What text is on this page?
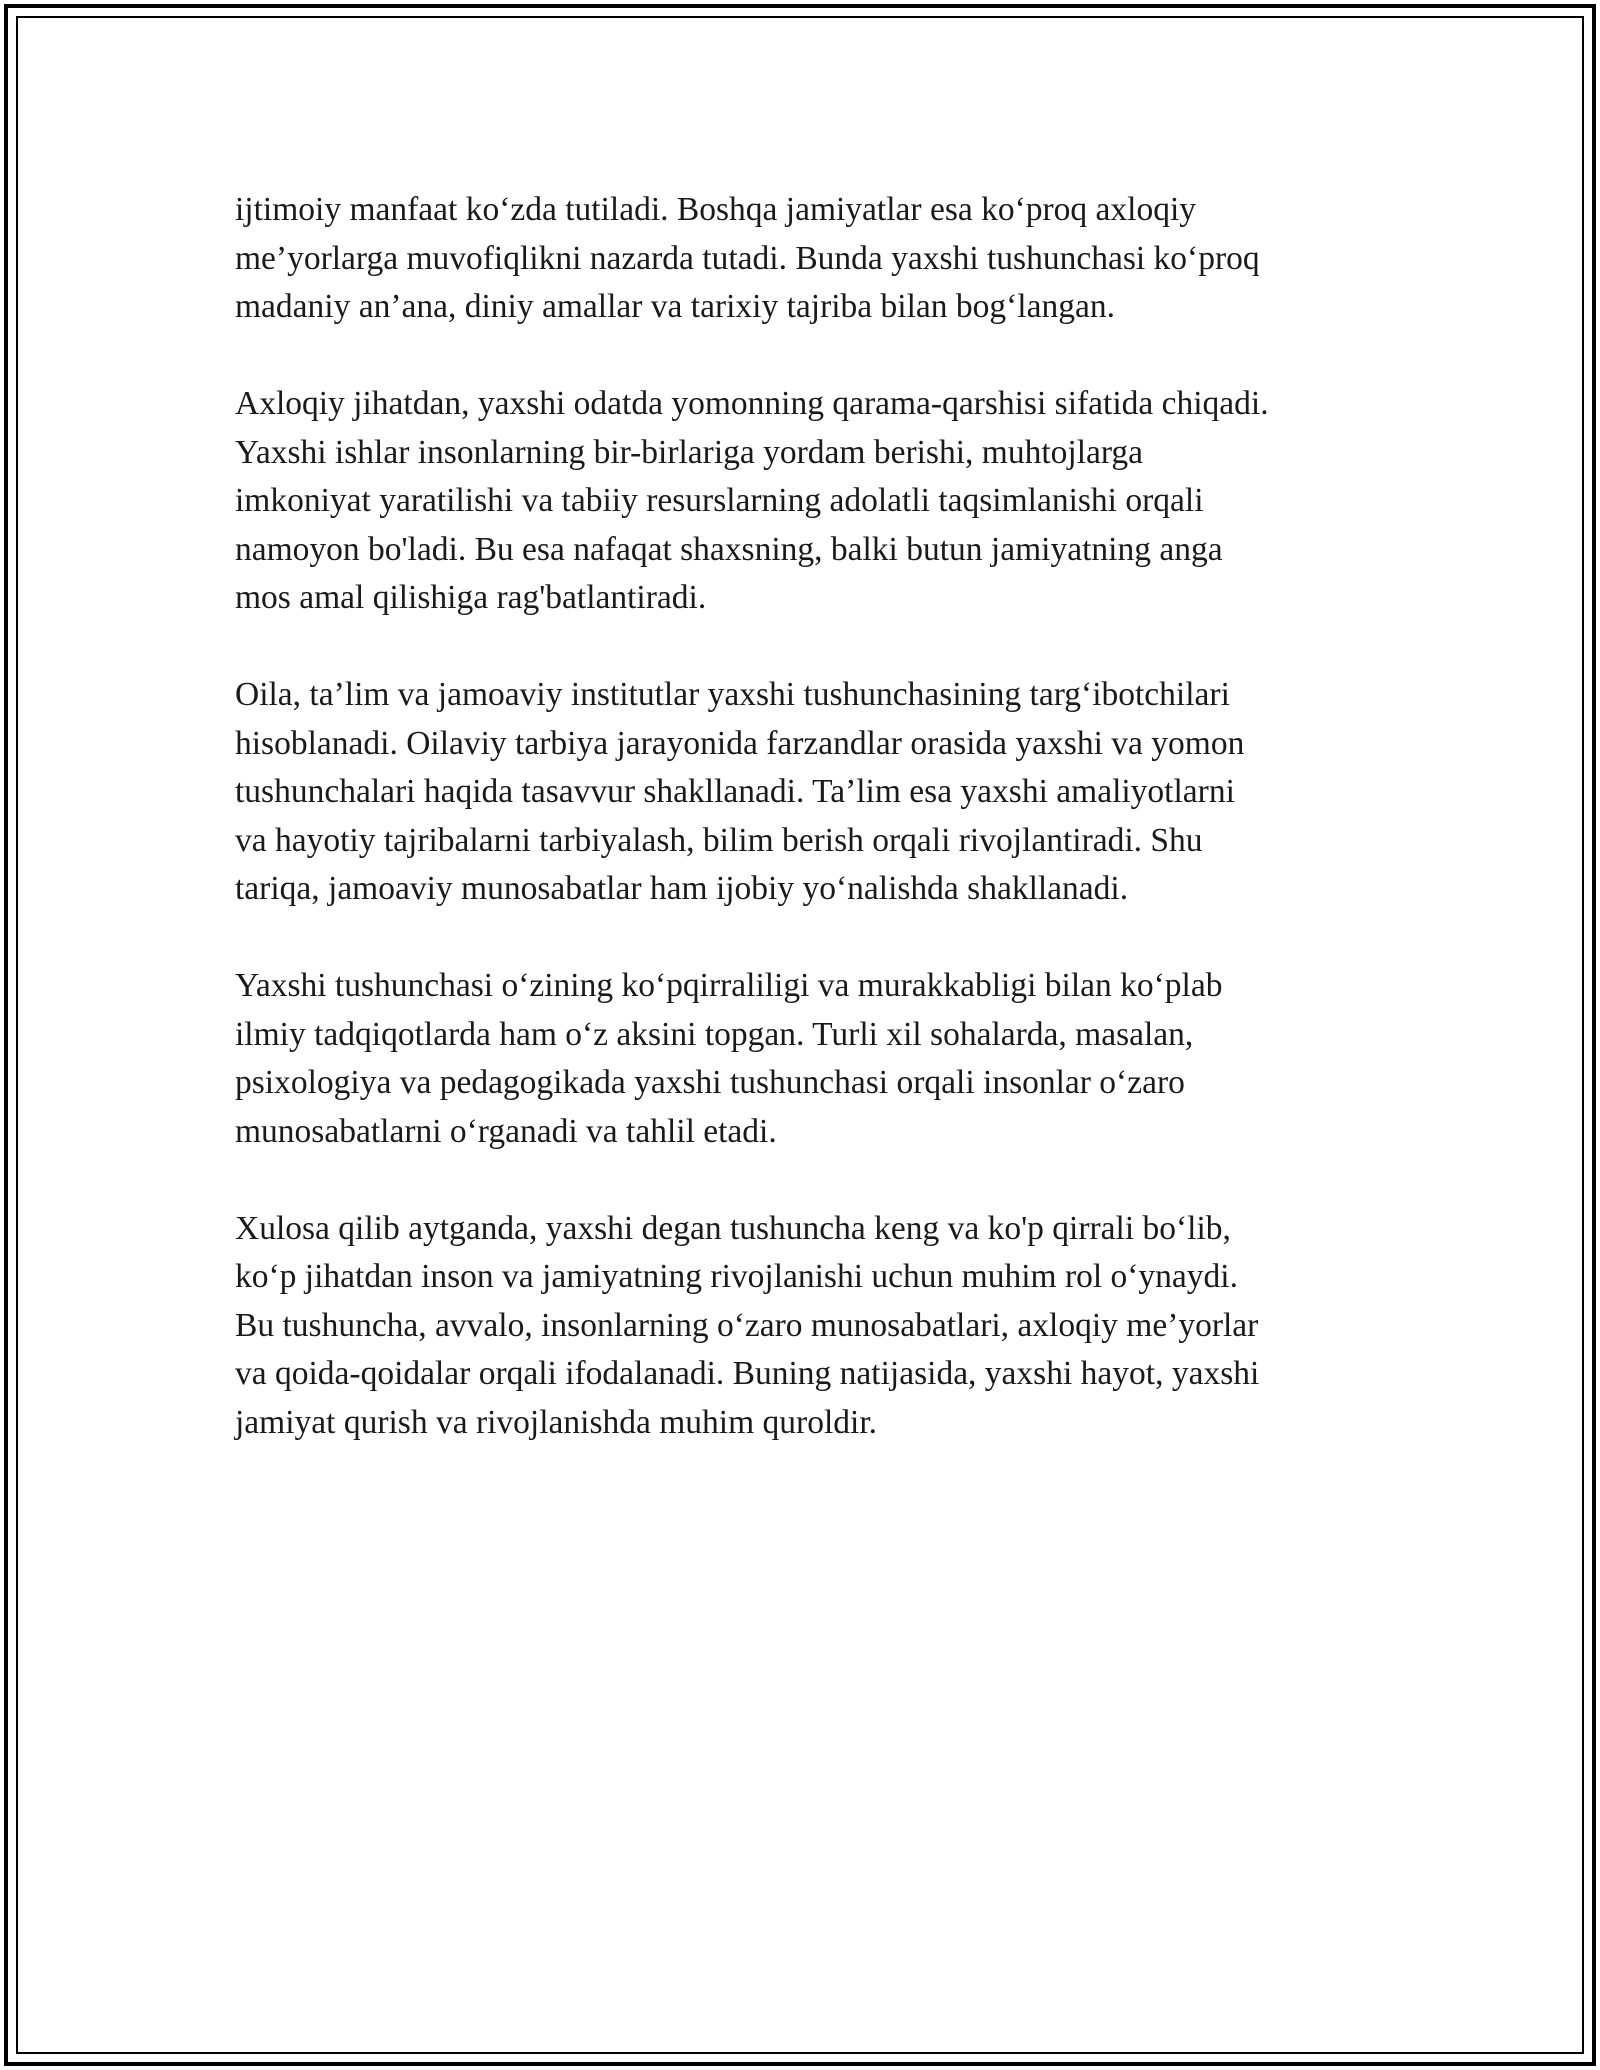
ijtimoiy manfaat ko‘zda tutiladi. Boshqa jamiyatlar esa ko‘proq axloqiy
me’yorlarga muvofiqlikni nazarda tutadi. Bunda yaxshi tushunchasi ko‘proq
madaniy an’ana, diniy amallar va tarixiy tajriba bilan bog‘langan.

Axloqiy jihatdan, yaxshi odatda yomonning qarama-qarshisi sifatida chiqadi.
Yaxshi ishlar insonlarning bir-birlariga yordam berishi, muhtojlarga
imkoniyat yaratilishi va tabiiy resurslarning adolatli taqsimlanishi orqali
namoyon bo'ladi. Bu esa nafaqat shaxsning, balki butun jamiyatning anga
mos amal qilishiga rag'batlantiradi.

Oila, ta’lim va jamoaviy institutlar yaxshi tushunchasining targ‘ibotchilari
hisoblanadi. Oilaviy tarbiya jarayonida farzandlar orasida yaxshi va yomon
tushunchalari haqida tasavvur shakllanadi. Ta’lim esa yaxshi amaliyotlarni
va hayotiy tajribalarni tarbiyalash, bilim berish orqali rivojlantiradi. Shu
tariqa, jamoaviy munosabatlar ham ijobiy yo‘nalishda shakllanadi.

Yaxshi tushunchasi o‘zining ko‘pqirraliligi va murakkabligi bilan ko‘plab
ilmiy tadqiqotlarda ham o‘z aksini topgan. Turli xil sohalarda, masalan,
psixologiya va pedagogikada yaxshi tushunchasi orqali insonlar o‘zaro
munosabatlarni o‘rganadi va tahlil etadi.

Xulosa qilib aytganda, yaxshi degan tushuncha keng va ko'p qirrali bo‘lib,
ko‘p jihatdan inson va jamiyatning rivojlanishi uchun muhim rol o‘ynaydi.
Bu tushuncha, avvalo, insonlarning o‘zaro munosabatlari, axloqiy me’yorlar
va qoida-qoidalar orqali ifodalanadi. Buning natijasida, yaxshi hayot, yaxshi
jamiyat qurish va rivojlanishda muhim quroldir.
